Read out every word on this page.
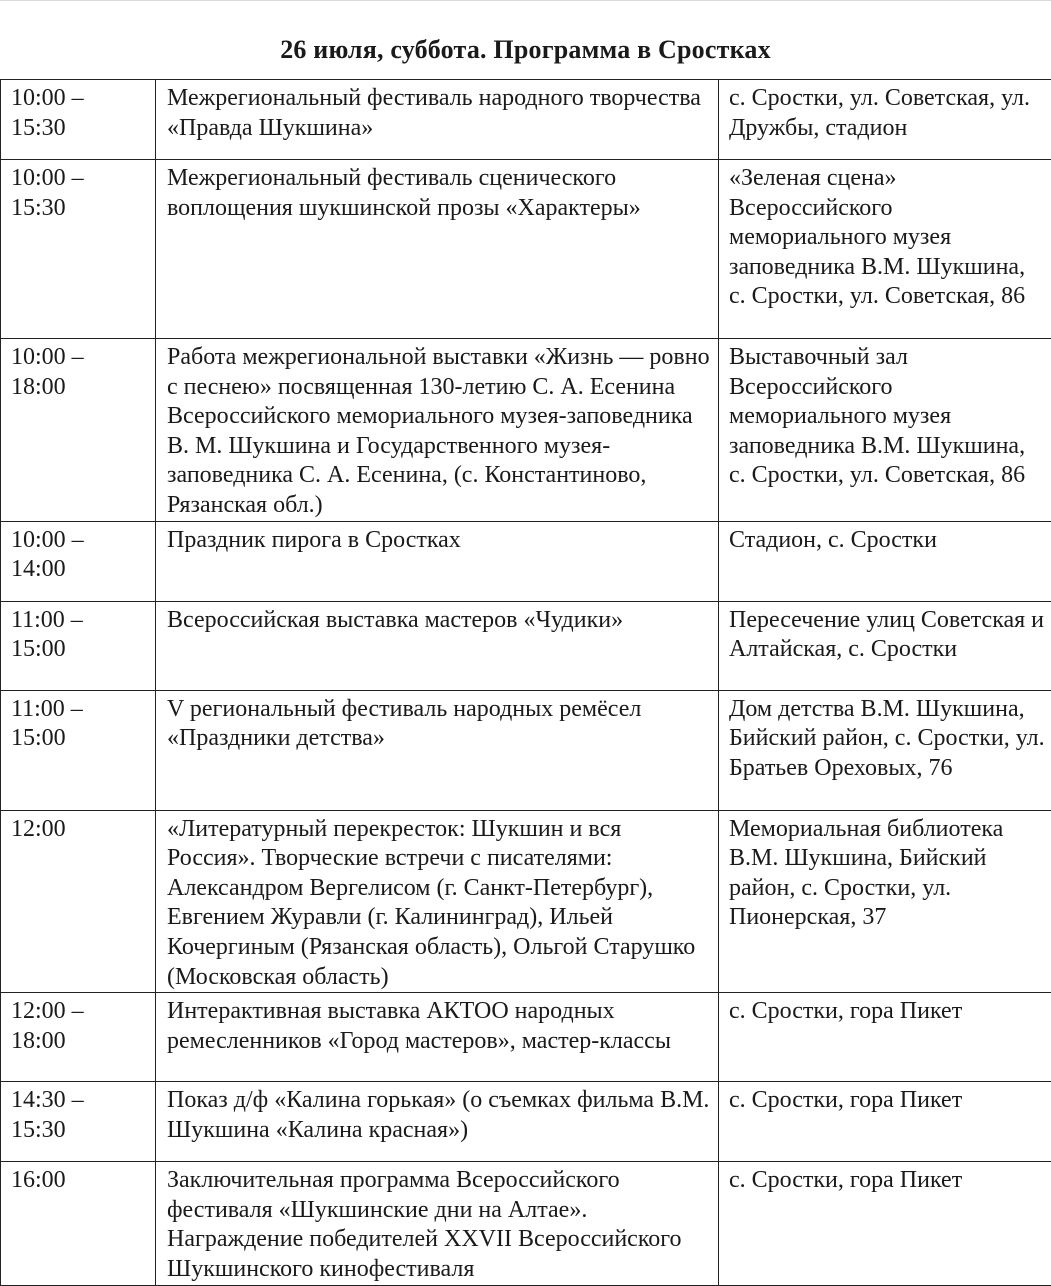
26 июля, суббота. Программа в Сростках
10:00 –
15:30	Межрегиональный фестиваль народного творчества «Правда Шукшина»	с. Сростки, ул. Советская, ул. Дружбы, стадион

10:00 –
15:30	Межрегиональный фестиваль сценического воплощения шукшинской прозы «Характеры»	«Зеленая сцена» Всероссийского мемориального музея заповедника В.М. Шукшина, с. Сростки, ул. Советская, 86

10:00 –
18:00	Работа межрегиональной выставки «Жизнь — ровно с песнею» посвященная 130-летию С. А. Есенина Всероссийского мемориального музея-заповедника В. М. Шукшина и Государственного музея-заповедника С. А. Есенина, (с. Константиново, Рязанская обл.)	Выставочный зал Всероссийского мемориального музея заповедника В.М. Шукшина, с. Сростки, ул. Советская, 86

10:00 –
14:00	Праздник пирога в Сростках	Стадион, с. Сростки

11:00 –
15:00	Всероссийская выставка мастеров «Чудики»	Пересечение улиц Советская и Алтайская, с. Сростки

11:00 –
15:00	V региональный фестиваль народных ремёсел «Праздники детства»	Дом детства В.М. Шукшина, Бийский район, с. Сростки, ул. Братьев Ореховых, 76

12:00	«Литературный перекресток: Шукшин и вся Россия». Творческие встречи с писателями: Александром Вергелисом (г. Санкт-Петербург), Евгением Журавли (г. Калининград), Ильей Кочергиным (Рязанская область), Ольгой Старушко (Московская область)	Мемориальная библиотека В.М. Шукшина, Бийский район, с. Сростки, ул. Пионерская, 37

12:00 –
18:00	Интерактивная выставка АКТОО народных ремесленников «Город мастеров», мастер-классы	с. Сростки, гора Пикет

14:30 –
15:30	Показ д/ф «Калина горькая» (о съемках фильма В.М. Шукшина «Калина красная»)	с. Сростки, гора Пикет

16:00	Заключительная программа Всероссийского фестиваля «Шукшинские дни на Алтае». Награждение победителей XXVII Всероссийского Шукшинского кинофестиваля	с. Сростки, гора Пикет
